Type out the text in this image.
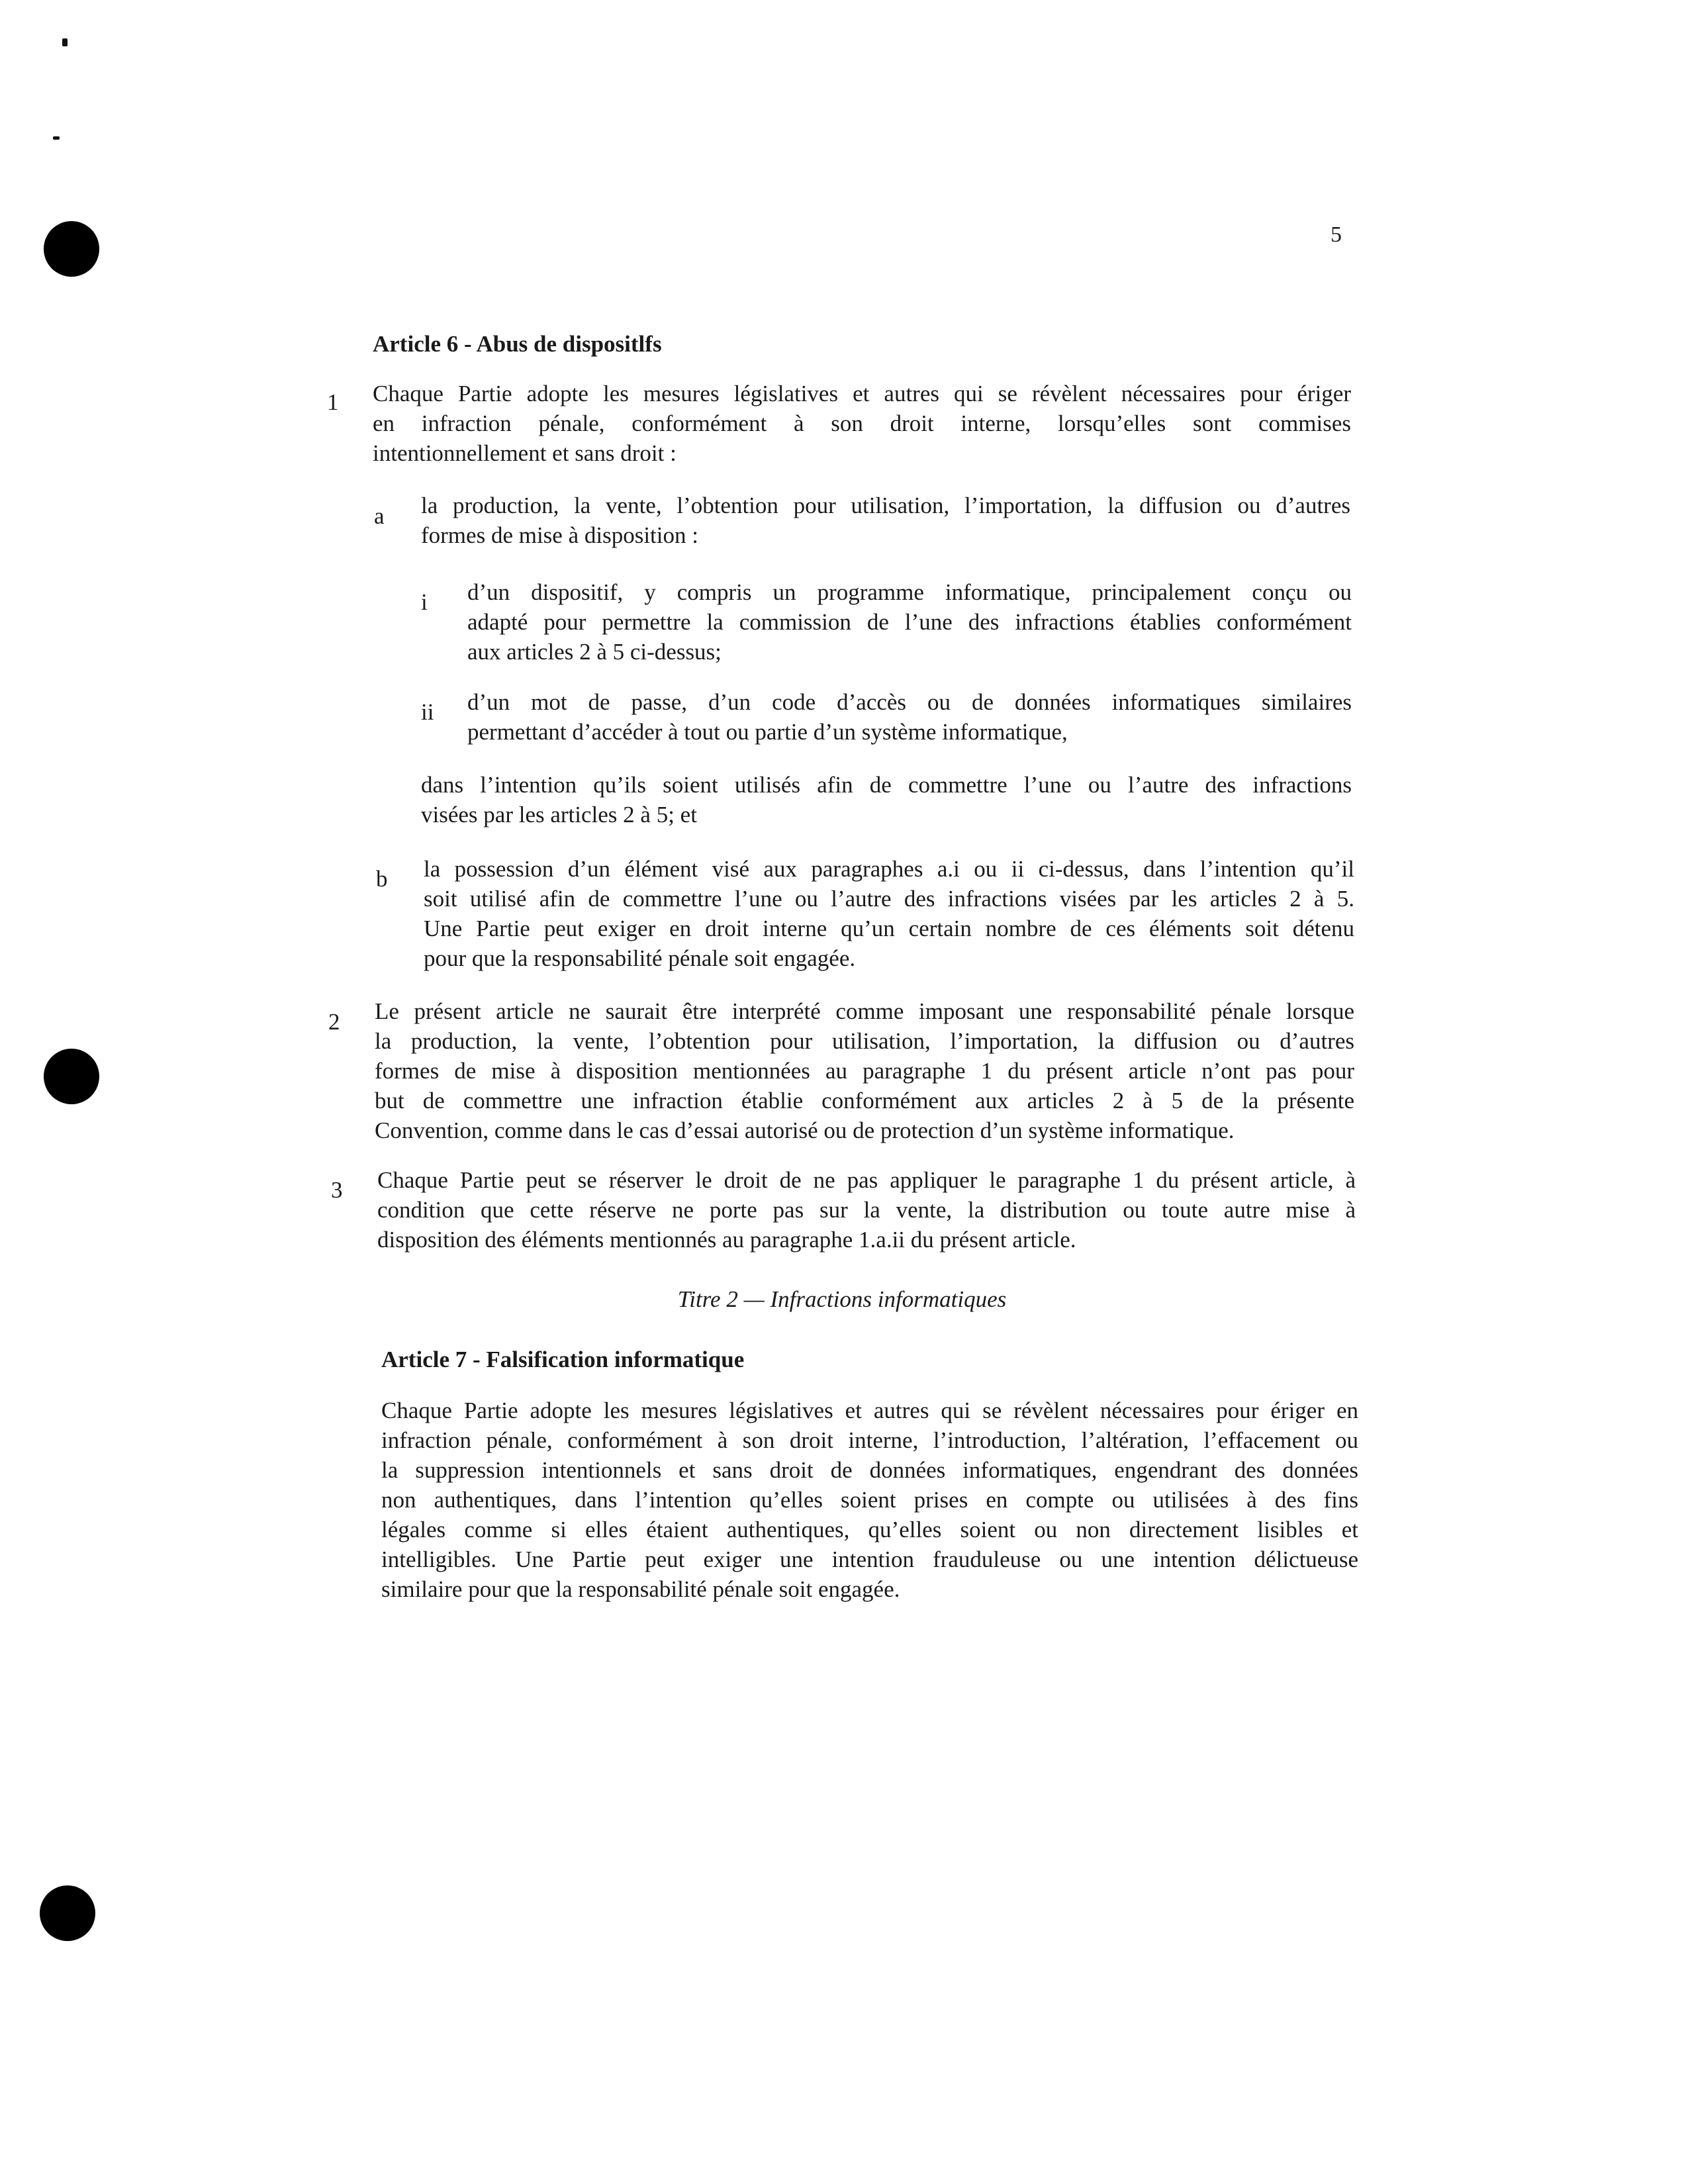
5
Article 6 - Abus de dispositlfs
1 Chaque Partie adopte les mesures législatives et autres qui se révèlent nécessaires pour ériger
en infraction pénale, conformément à son droit interne, lorsqu’elles sont commises
intentionnellement et sans droit :
a la production, la vente, l’obtention pour utilisation, l’importation, la diffusion ou d’autres
formes de mise à disposition :
i d’un dispositif, y compris un programme informatique, principalement conçu ou
adapté pour permettre la commission de l’une des infractions établies conformément
aux articles 2 à 5 ci-dessus;
ii d’un mot de passe, d’un code d’accès ou de données informatiques similaires
permettant d’accéder à tout ou partie d’un système informatique,
dans l’intention qu’ils soient utilisés afin de commettre l’une ou l’autre des infractions
visées par les articles 2 à 5; et
b la possession d’un élément visé aux paragraphes a.i ou ii ci-dessus, dans l’intention qu’il
soit utilisé afin de commettre l’une ou l’autre des infractions visées par les articles 2 à 5.
Une Partie peut exiger en droit interne qu’un certain nombre de ces éléments soit détenu
pour que la responsabilité pénale soit engagée.
2 Le présent article ne saurait être interprété comme imposant une responsabilité pénale lorsque
la production, la vente, l’obtention pour utilisation, l’importation, la diffusion ou d’autres
formes de mise à disposition mentionnées au paragraphe 1 du présent article n’ont pas pour
but de commettre une infraction établie conformément aux articles 2 à 5 de la présente
Convention, comme dans le cas d’essai autorisé ou de protection d’un système informatique.
3 Chaque Partie peut se réserver le droit de ne pas appliquer le paragraphe 1 du présent article, à
condition que cette réserve ne porte pas sur la vente, la distribution ou toute autre mise à
disposition des éléments mentionnés au paragraphe 1.a.ii du présent article.
Titre 2 — Infractions informatiques
Article 7 - Falsification informatique
Chaque Partie adopte les mesures législatives et autres qui se révèlent nécessaires pour ériger en
infraction pénale, conformément à son droit interne, l’introduction, l’altération, l’effacement ou
la suppression intentionnels et sans droit de données informatiques, engendrant des données
non authentiques, dans l’intention qu’elles soient prises en compte ou utilisées à des fins
légales comme si elles étaient authentiques, qu’elles soient ou non directement lisibles et
intelligibles. Une Partie peut exiger une intention frauduleuse ou une intention délictueuse
similaire pour que la responsabilité pénale soit engagée.
